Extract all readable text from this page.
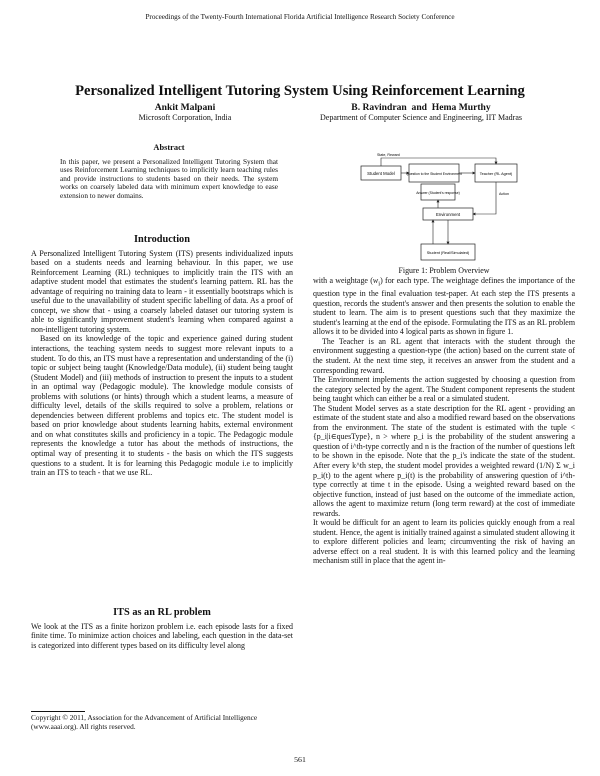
Proceedings of the Twenty-Fourth International Florida Artificial Intelligence Research Society Conference
Personalized Intelligent Tutoring System Using Reinforcement Learning
Ankit Malpani
Microsoft Corporation, India
B. Ravindran  and  Hema Murthy
Department of Computer Science and Engineering, IIT Madras
Abstract

In this paper, we present a Personalized Intelligent Tutoring System that uses Reinforcement Learning techniques to implicitly learn teaching rules and provide instructions to students based on their needs. The system works on coarsely labeled data with minimum expert knowledge to ease extension to newer domains.

Introduction

A Personalized Intelligent Tutoring System (ITS) presents individualized inputs based on a students needs and learning behaviour. In this paper, we use Reinforcement Learning (RL) techniques to implicitly train the ITS with an adaptive student model that estimates the student's learning pattern. RL has the advantage of requiring no training data to learn - it essentially bootstraps which is useful due to the unavailability of student specific labelling of data. As a proof of concept, we show that - using a coarsely labeled dataset our tutoring system is able to significantly improvement student's learning when compared against a non-intelligent tutoring system.

Based on its knowledge of the topic and experience gained during student interactions, the teaching system needs to suggest more relevant inputs to a student. To do this, an ITS must have a representation and understanding of the (i) topic or subject being taught (Knowledge/Data module), (ii) student being taught (Student Model) and (iii) methods of instruction to present the inputs to a student in an optimal way (Pedagogic module). The knowledge module consists of problems with solutions (or hints) through which a student learns, a measure of difficulty level, details of the skills required to solve a problem, relations or dependencies between different problems and topics etc. The student model is based on prior knowledge about students learning habits, external environment and on what constitutes skills and proficiency in a topic. The Pedagogic module represents the knowledge a tutor has about the methods of instructions, the optimal way of presenting it to students - the basis on which the ITS suggests questions to a student. It is for learning this Pedagogic module i.e to implicitly train an ITS to teach - that we use RL.

ITS as an RL problem

We look at the ITS as a finite horizon problem i.e. each episode lasts for a fixed finite time. To minimize action choices and labeling, each question in the data-set is categorized into different types based on its difficulty level along

Copyright © 2011, Association for the Advancement of Artificial Intelligence (www.aaai.org). All rights reserved.
Student Model	Question to the Student Environment	Teacher (RL Agent)
Answer (Student's response)
Environment
Action
State, Reward
Student (Real/Simulated)
Figure 1: Problem Overview

with a weightage $(w_i)$ for each type. The weightage defines the importance of the question type in the final evaluation test-paper. At each step the ITS presents a question, records the student's answer and then presents the solution to enable the student to learn. The aim is to present questions such that they maximize the student's learning at the end of the episode. Formulating the ITS as an RL problem allows it to be divided into 4 logical parts as shown in figure 1.

The Teacher is an RL agent that interacts with the student through the environment suggesting a question-type (the action) based on the current state of the student. At the next time step, it receives an answer from the student and a corresponding reward.

The Environment implements the action suggested by choosing a question from the category selected by the agent. The Student component represents the student being taught which can either be a real or a simulated student.

The Student Model serves as a state description for the RL agent - providing an estimate of the student state and also a modified reward based on the observations from the environment. The state of the student is estimated with the tuple < {p_i|i∈quesType}, n > where p_i is the probability of the student answering a question of i^th-type correctly and n is the fraction of the number of questions left to be shown in the episode. Note that the p_i's indicate the state of the student. After every k^th step, the student model provides a weighted reward (1/N) Σ w_i p_i(t) to the agent where p_i(t) is the probability of answering question of i^th-type correctly at time t in the episode. Using a weighted reward based on the objective function, instead of just based on the outcome of the immediate action, allows the agent to maximize return (long term reward) at the cost of immediate rewards.

It would be difficult for an agent to learn its policies quickly enough from a real student. Hence, the agent is initially trained against a simulated student allowing it to explore different policies and learn; circumventing the risk of having an adverse effect on a real student. It is with this learned policy and the learning mechanism still in place that the agent in-

561
